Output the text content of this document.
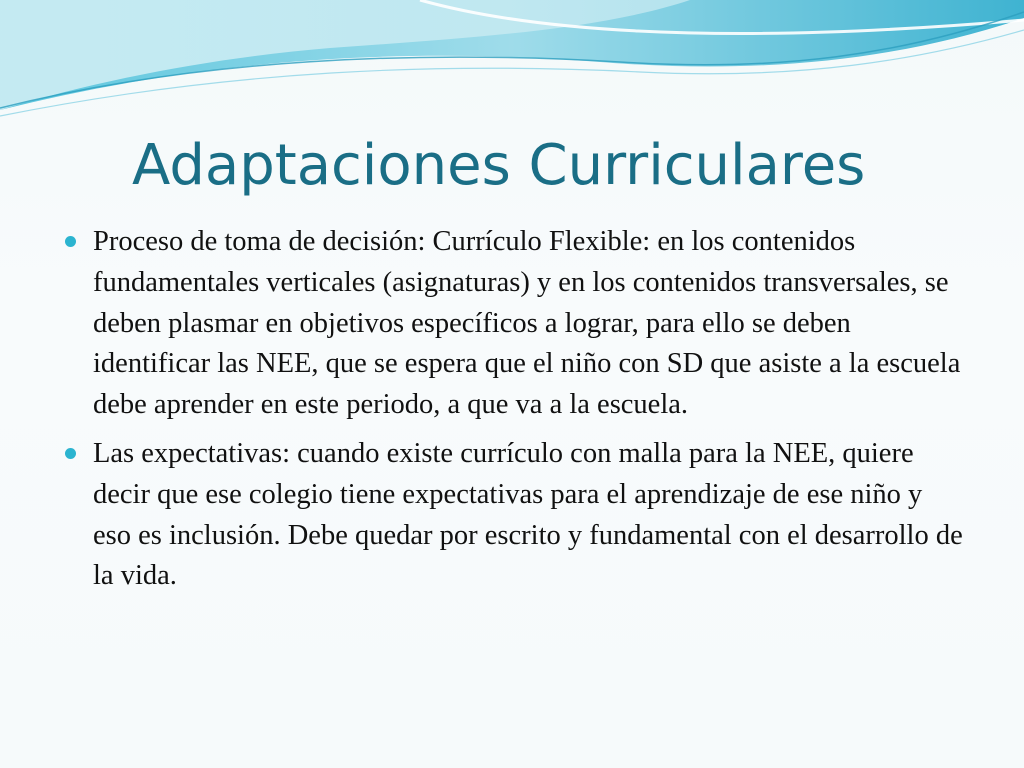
Adaptaciones Curriculares
Proceso de toma de decisión: Currículo Flexible: en los contenidos fundamentales verticales (asignaturas) y en los contenidos transversales, se deben plasmar en objetivos específicos a lograr, para ello se deben identificar las NEE, que se espera que el niño con SD que asiste a la escuela debe aprender en este periodo, a que va a la escuela.
Las expectativas: cuando existe currículo con malla para la NEE, quiere decir que ese colegio tiene expectativas para el aprendizaje de ese niño y eso es inclusión. Debe quedar por escrito y fundamental con el desarrollo de la vida.
